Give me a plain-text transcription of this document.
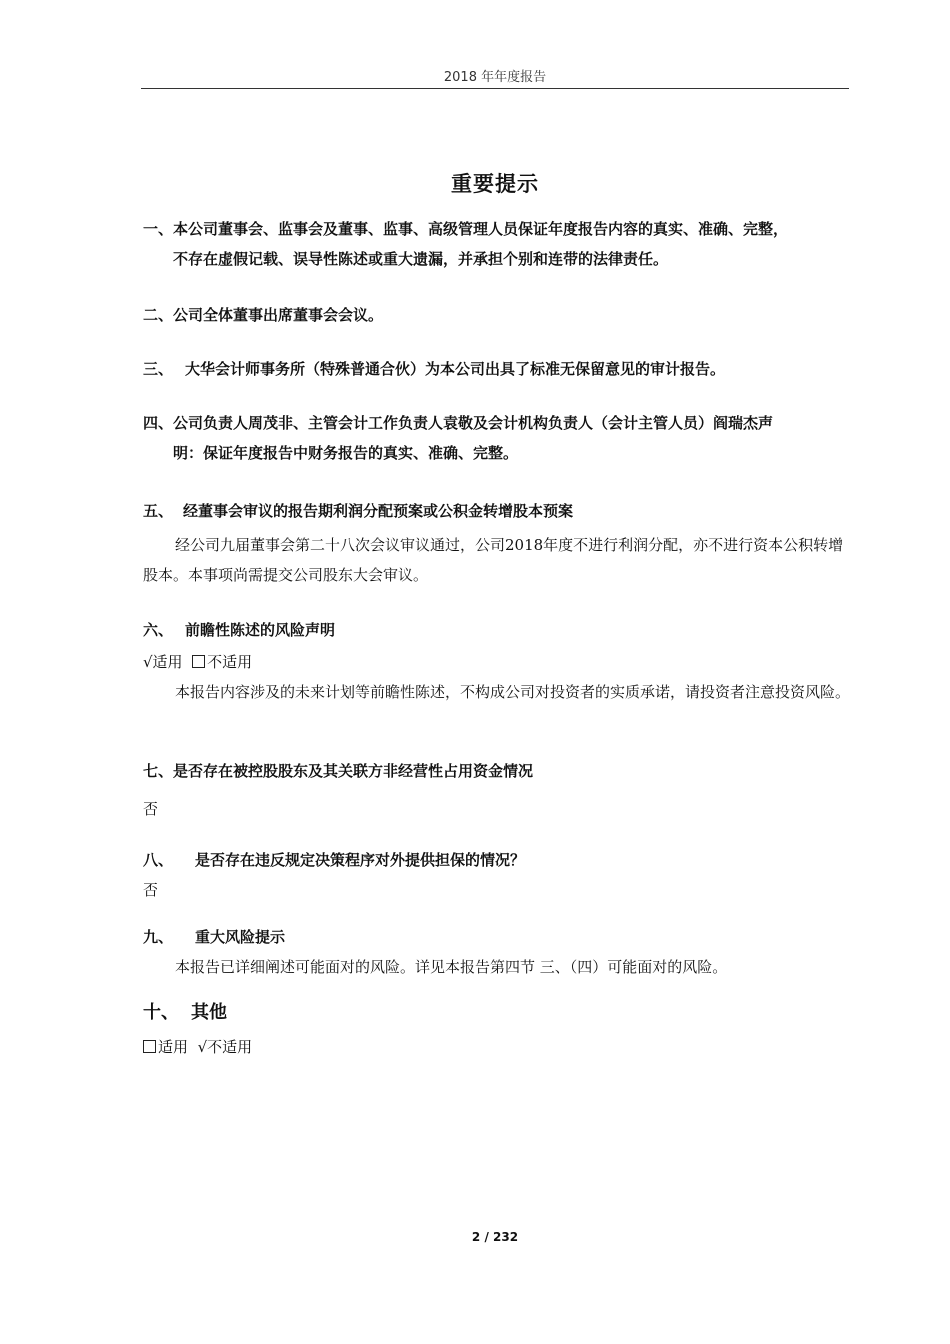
2018 年年度报告
重要提示
一、本公司董事会、监事会及董事、监事、高级管理人员保证年度报告内容的真实、准确、完整，
不存在虚假记载、误导性陈述或重大遗漏，并承担个别和连带的法律责任。
二、公司全体董事出席董事会会议。
三、 大华会计师事务所（特殊普通合伙）为本公司出具了标准无保留意见的审计报告。
四、公司负责人周茂非、主管会计工作负责人袁敬及会计机构负责人（会计主管人员）阎瑞杰声
明：保证年度报告中财务报告的真实、准确、完整。
五、 经董事会审议的报告期利润分配预案或公积金转增股本预案
经公司九届董事会第二十八次会议审议通过，公司2018年度不进行利润分配，亦不进行资本公积转增股本。本事项尚需提交公司股东大会审议。
六、 前瞻性陈述的风险声明
√适用 不适用
本报告内容涉及的未来计划等前瞻性陈述，不构成公司对投资者的实质承诺，请投资者注意投资风险。
七、是否存在被控股股东及其关联方非经营性占用资金情况
否
八、 是否存在违反规定决策程序对外提供担保的情况？
否
九、 重大风险提示
本报告已详细阐述可能面对的风险。详见本报告第四节 三、（四）可能面对的风险。
十、 其他
适用 √不适用
2 / 232
